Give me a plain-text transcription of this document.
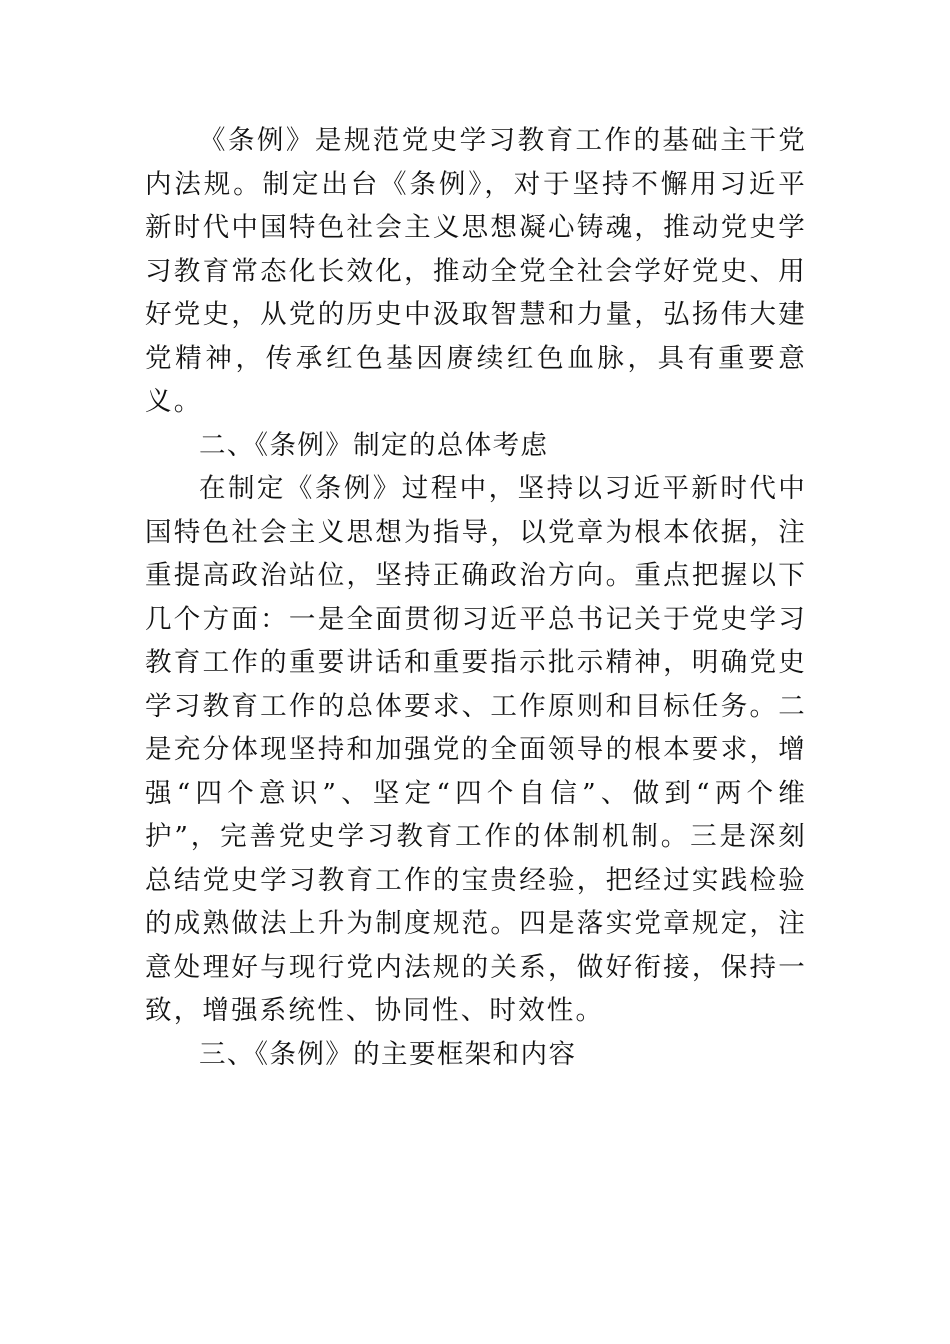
《条例》是规范党史学习教育工作的基础主干党内法规。制定出台《条例》，对于坚持不懈用习近平新时代中国特色社会主义思想凝心铸魂，推动党史学习教育常态化长效化，推动全党全社会学好党史、用好党史，从党的历史中汲取智慧和力量，弘扬伟大建党精神，传承红色基因赓续红色血脉，具有重要意义。

二、《条例》制定的总体考虑

在制定《条例》过程中，坚持以习近平新时代中国特色社会主义思想为指导，以党章为根本依据，注重提高政治站位，坚持正确政治方向。重点把握以下几个方面：一是全面贯彻习近平总书记关于党史学习教育工作的重要讲话和重要指示批示精神，明确党史学习教育工作的总体要求、工作原则和目标任务。二是充分体现坚持和加强党的全面领导的根本要求，增强“四个意识”、坚定“四个自信”、做到“两个维护”，完善党史学习教育工作的体制机制。三是深刻总结党史学习教育工作的宝贵经验，把经过实践检验的成熟做法上升为制度规范。四是落实党章规定，注意处理好与现行党内法规的关系，做好衔接，保持一致，增强系统性、协同性、时效性。

三、《条例》的主要框架和内容
